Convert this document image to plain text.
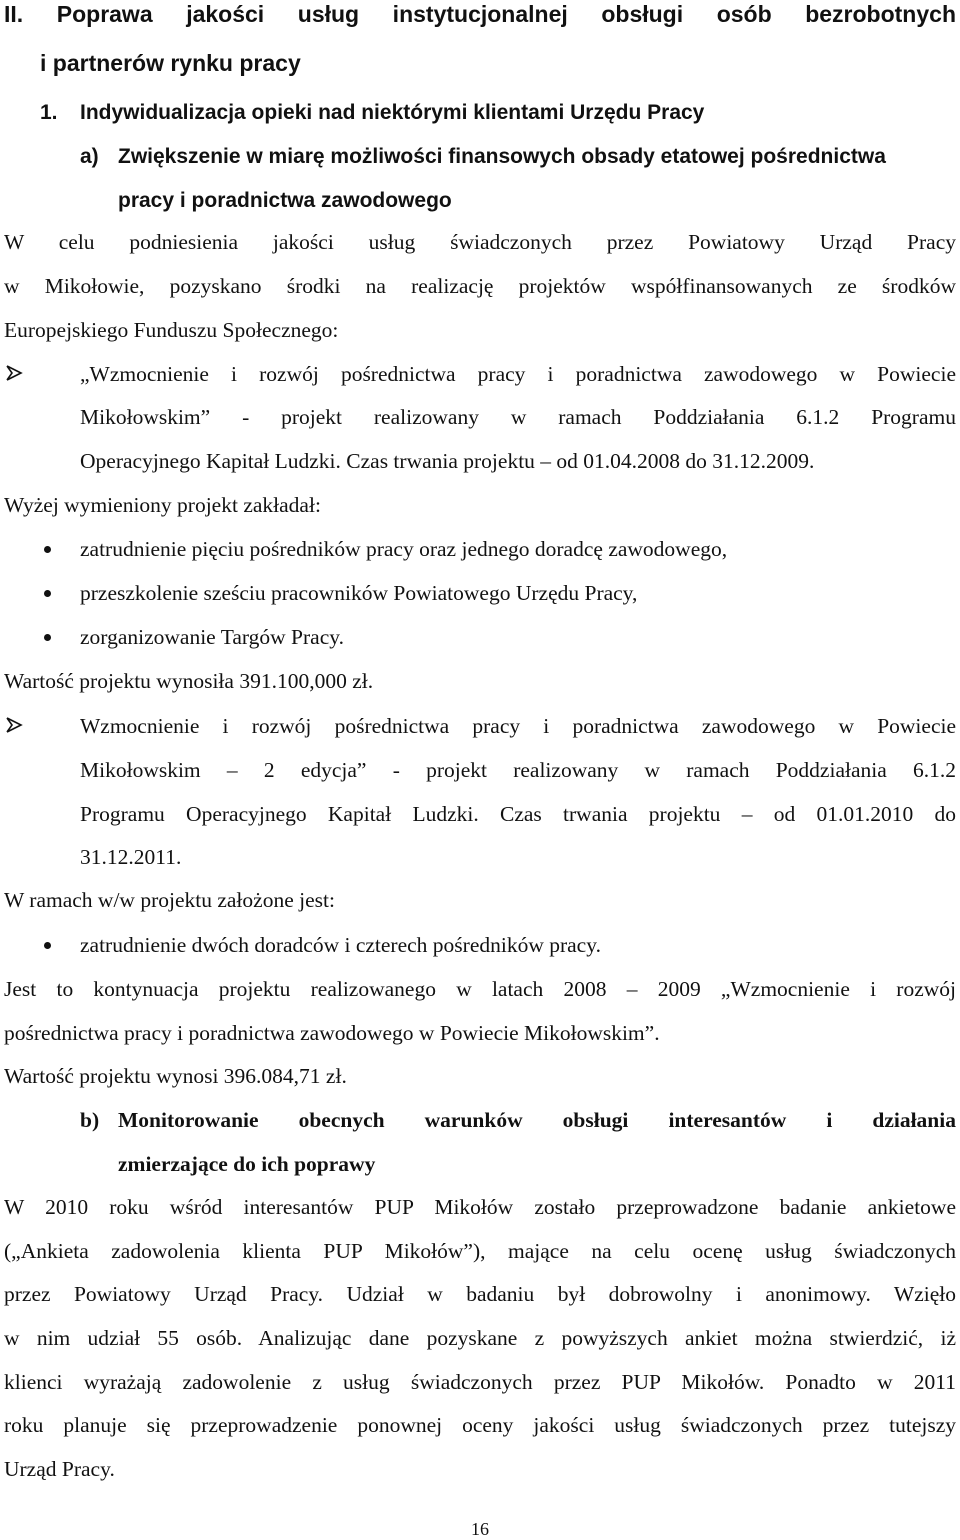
II. Poprawa jakości usług instytucjonalnej obsługi osób bezrobotnych
i partnerów rynku pracy
1. Indywidualizacja opieki nad niektórymi klientami Urzędu Pracy
a) Zwiększenie w miarę możliwości finansowych obsady etatowej pośrednictwa
pracy i poradnictwa zawodowego
W celu podniesienia jakości usług świadczonych przez Powiatowy Urząd Pracy
w Mikołowie, pozyskano środki na realizację projektów współfinansowanych ze środków
Europejskiego Funduszu Społecznego:
„Wzmocnienie i rozwój pośrednictwa pracy i poradnictwa zawodowego w Powiecie
Mikołowskim” - projekt realizowany w ramach Poddziałania 6.1.2 Programu
Operacyjnego Kapitał Ludzki. Czas trwania projektu – od 01.04.2008 do 31.12.2009.
Wyżej wymieniony projekt zakładał:
zatrudnienie pięciu pośredników pracy oraz jednego doradcę zawodowego,
przeszkolenie sześciu pracowników Powiatowego Urzędu Pracy,
zorganizowanie Targów Pracy.
Wartość projektu wynosiła 391.100,000 zł.
Wzmocnienie i rozwój pośrednictwa pracy i poradnictwa zawodowego w Powiecie
Mikołowskim – 2 edycja” - projekt realizowany w ramach Poddziałania 6.1.2
Programu Operacyjnego Kapitał Ludzki. Czas trwania projektu – od 01.01.2010 do
31.12.2011.
W ramach w/w projektu założone jest:
zatrudnienie dwóch doradców i czterech pośredników pracy.
Jest to kontynuacja projektu realizowanego w latach 2008 – 2009 „Wzmocnienie i rozwój
pośrednictwa pracy i poradnictwa zawodowego w Powiecie Mikołowskim”.
Wartość projektu wynosi 396.084,71 zł.
b) Monitorowanie obecnych warunków obsługi interesantów i działania
zmierzające do ich poprawy
W 2010 roku wśród interesantów PUP Mikołów zostało przeprowadzone badanie ankietowe
(„Ankieta zadowolenia klienta PUP Mikołów”), mające na celu ocenę usług świadczonych
przez Powiatowy Urząd Pracy. Udział w badaniu był dobrowolny i anonimowy. Wzięło
w nim udział 55 osób. Analizując dane pozyskane z powyższych ankiet można stwierdzić, iż
klienci wyrażają zadowolenie z usług świadczonych przez PUP Mikołów. Ponadto w 2011
roku planuje się przeprowadzenie ponownej oceny jakości usług świadczonych przez tutejszy
Urząd Pracy.
16
